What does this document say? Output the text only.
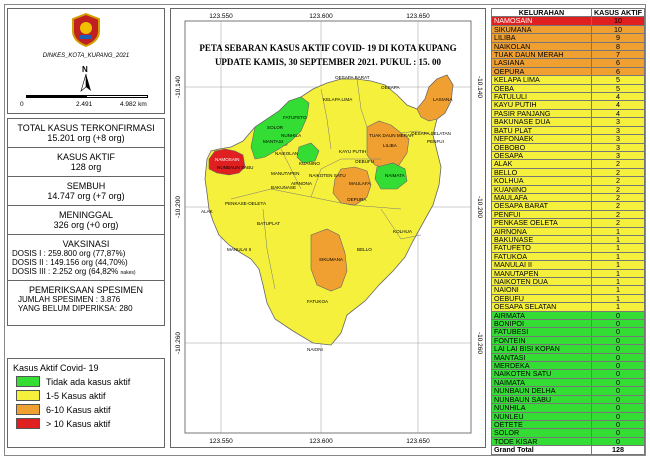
DINKES_KOTA_KUPANG_2021
N
0	2.491	4.982 km
TOTAL KASUS TERKONFIRMASI
15.201 org (+8 org)
KASUS AKTIF
128 org
SEMBUH
14.747 org (+7 org)
MENINGGAL
326 org (+0 org)
VAKSINASI
DOSIS I : 259.800 org (77,87%)
DOSIS II : 149.156 org (44,70%)
DOSIS III : 2.252 org (64,82% nakes)
PEMERIKSAAN SPESIMEN
JUMLAH SPESIMEN : 3.876
YANG BELUM DIPERIKSA: 280
Kasus Aktif Covid- 19
Tidak ada kasus aktif
1-5 Kasus aktif
6-10 Kasus aktif
> 10 Kasus aktif
PETA SEBARAN KASUS AKTIF COVID- 19 DI KOTA KUPANG
UPDATE KAMIS, 30 SEPTEMBER 2021. PUKUL : 15. 00
123.550	123.600	123.650
123.550	123.600	123.650
-10.140
-10.200
-10.260
-10.140
-10.200
-10.260
LASIANA
OESAPA BARAT
OESAPA
KELAPA LIMA
FATUFETO
SOLOR
TUAK DAUN MERAH
LILIBA
OESAPA SELATAN
PENFUI
NAIMATA
NUNHILA
OEBUFU
KAYU PUTIH
MANTASI
MAULAFA
OEPURA
KUANINO
BAKUNASE
NAIKOTEN SATU
NAIKOLAN
AIRNONA
MANUTAPEN
PENKASE-OELETA
BATUPLAT
ALAK
NAMOSAIN
NUNBAUN SABU
MANULAI II
SIKUMANA
BELLO
KOLHUA
FATUKOA
NAIONI
KELURAHAN	KASUS AKTIF
NAMOSAIN	10
SIKUMANA	10
LILIBA	9
NAIKOLAN	8
TUAK DAUN MERAH	7
LASIANA	6
OEPURA	6
KELAPA LIMA	5
OEBA	5
FATULULI	4
KAYU PUTIH	4
PASIR PANJANG	4
BAKUNASE DUA	3
BATU PLAT	3
NEFONAEK	3
OEBOBO	3
OESAPA	3
ALAK	2
BELLO	2
KOLHUA	2
KUANINO	2
MAULAFA	2
OESAPA BARAT	2
PENFUI	2
PENKASE OELETA	2
AIRNONA	1
BAKUNASE	1
FATUFETO	1
FATUKOA	1
MANULAI II	1
MANUTAPEN	1
NAIKOTEN DUA	1
NAIONI	1
OEBUFU	1
OESAPA SELATAN	1
AIRMATA	0
BONIPOI	0
FATUBESI	0
FONTEIN	0
LAI LAI BISI KOPAN	0
MANTASI	0
MERDEKA	0
NAIKOTEN SATU	0
NAIMATA	0
NUNBAUN DELHA	0
NUNBAUN SABU	0
NUNHILA	0
NUNLEU	0
OETETE	0
SOLOR	0
TODE KISAR	0
Grand Total	128
